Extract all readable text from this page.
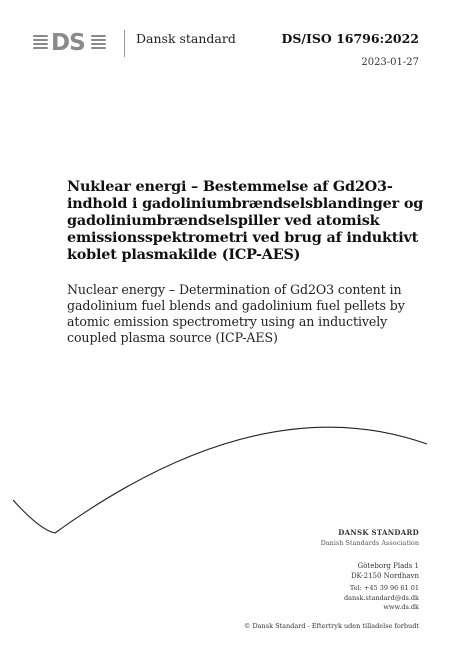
DS	Dansk standard	DS/ISO 16796:2022
2023-01-27
Nuklear energi – Bestemmelse af Gd2O3-indhold i gadoliniumbrændselsblandinger og gadoliniumbrændselspiller ved atomisk emissionsspektrometri ved brug af induktivt koblet plasmakilde (ICP-AES)
Nuclear energy – Determination of Gd2O3 content in gadolinium fuel blends and gadolinium fuel pellets by atomic emission spectrometry using an inductively coupled plasma source (ICP-AES)
DANSK STANDARD
Danish Standards Association
Göteborg Plads 1
DK-2150 Nordhavn
Tel: +45 39 96 61 01
dansk.standard@ds.dk
www.ds.dk
© Dansk Standard - Eftertryk uden tilladelse forbudt
